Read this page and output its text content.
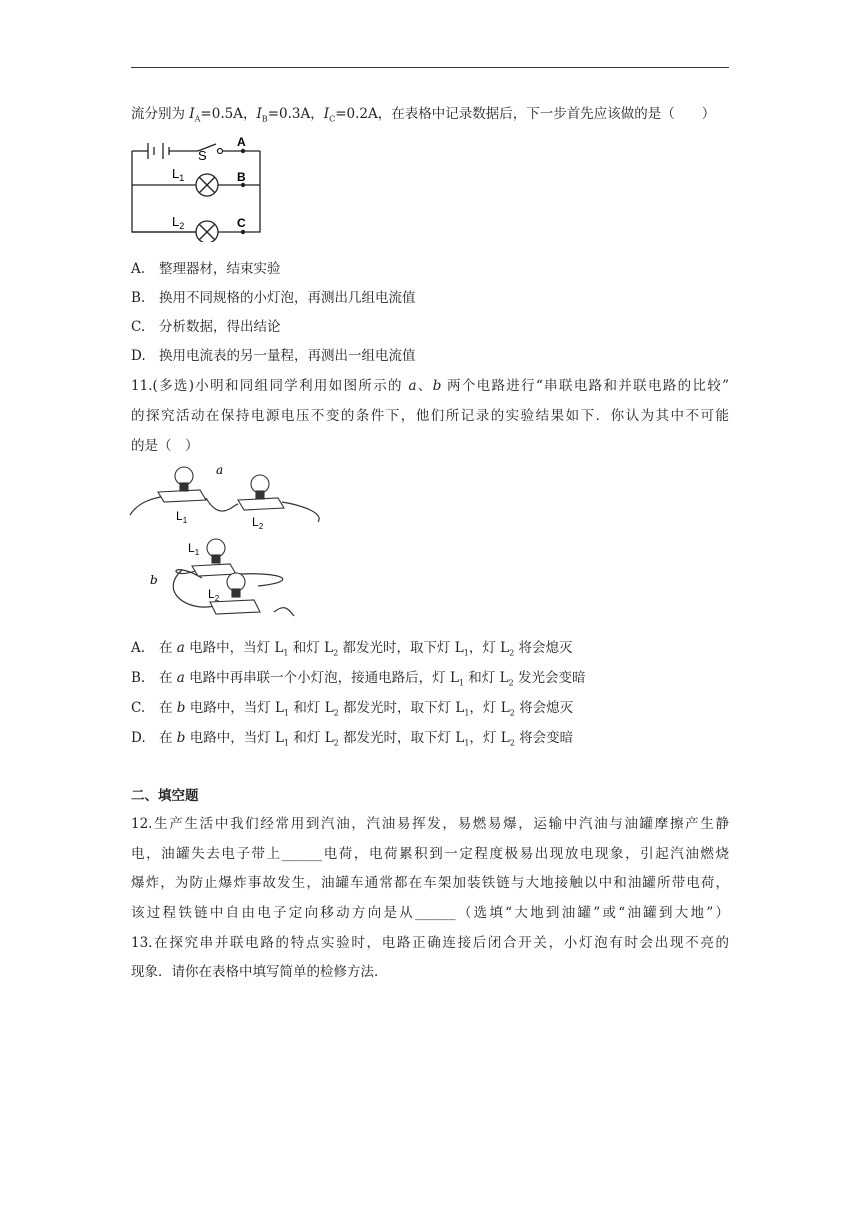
流分别为 $I_A=0.5A$，$I_B=0.3A$，$I_C=0.2A$，在表格中记录数据后，下一步首先应该做的是（　　）
S
A
B
C
$L_1$
$L_2$
A. 整理器材，结束实验
B. 换用不同规格的小灯泡，再测出几组电流值
C. 分析数据，得出结论
D. 换用电流表的另一量程，再测出一组电流值
11.(多选)小明和同组同学利用如图所示的 a、b 两个电路进行“串联电路和并联电路的比较”
的探究活动在保持电源电压不变的条件下，他们所记录的实验结果如下．你认为其中不可能
的是（　）
a
b
$L_1$	$L_2$
$L_1$
$L_2$
A. 在 a 电路中，当灯 $L_1$ 和灯 $L_2$ 都发光时，取下灯 $L_1$，灯 $L_2$ 将会熄灭
B. 在 a 电路中再串联一个小灯泡，接通电路后，灯 $L_1$ 和灯 $L_2$ 发光会变暗
C. 在 b 电路中，当灯 $L_1$ 和灯 $L_2$ 都发光时，取下灯 $L_1$，灯 $L_2$ 将会熄灭
D. 在 b 电路中，当灯 $L_1$ 和灯 $L_2$ 都发光时，取下灯 $L_1$，灯 $L_2$ 将会变暗
二、填空题
12.生产生活中我们经常用到汽油，汽油易挥发，易燃易爆，运输中汽油与油罐摩擦产生静
电，油罐失去电子带上______电荷，电荷累积到一定程度极易出现放电现象，引起汽油燃烧
爆炸，为防止爆炸事故发生，油罐车通常都在车架加装铁链与大地接触以中和油罐所带电荷，
该过程铁链中自由电子定向移动方向是从______（选填“大地到油罐”或“油罐到大地”）
13.在探究串并联电路的特点实验时，电路正确连接后闭合开关，小灯泡有时会出现不亮的
现象．请你在表格中填写简单的检修方法．
